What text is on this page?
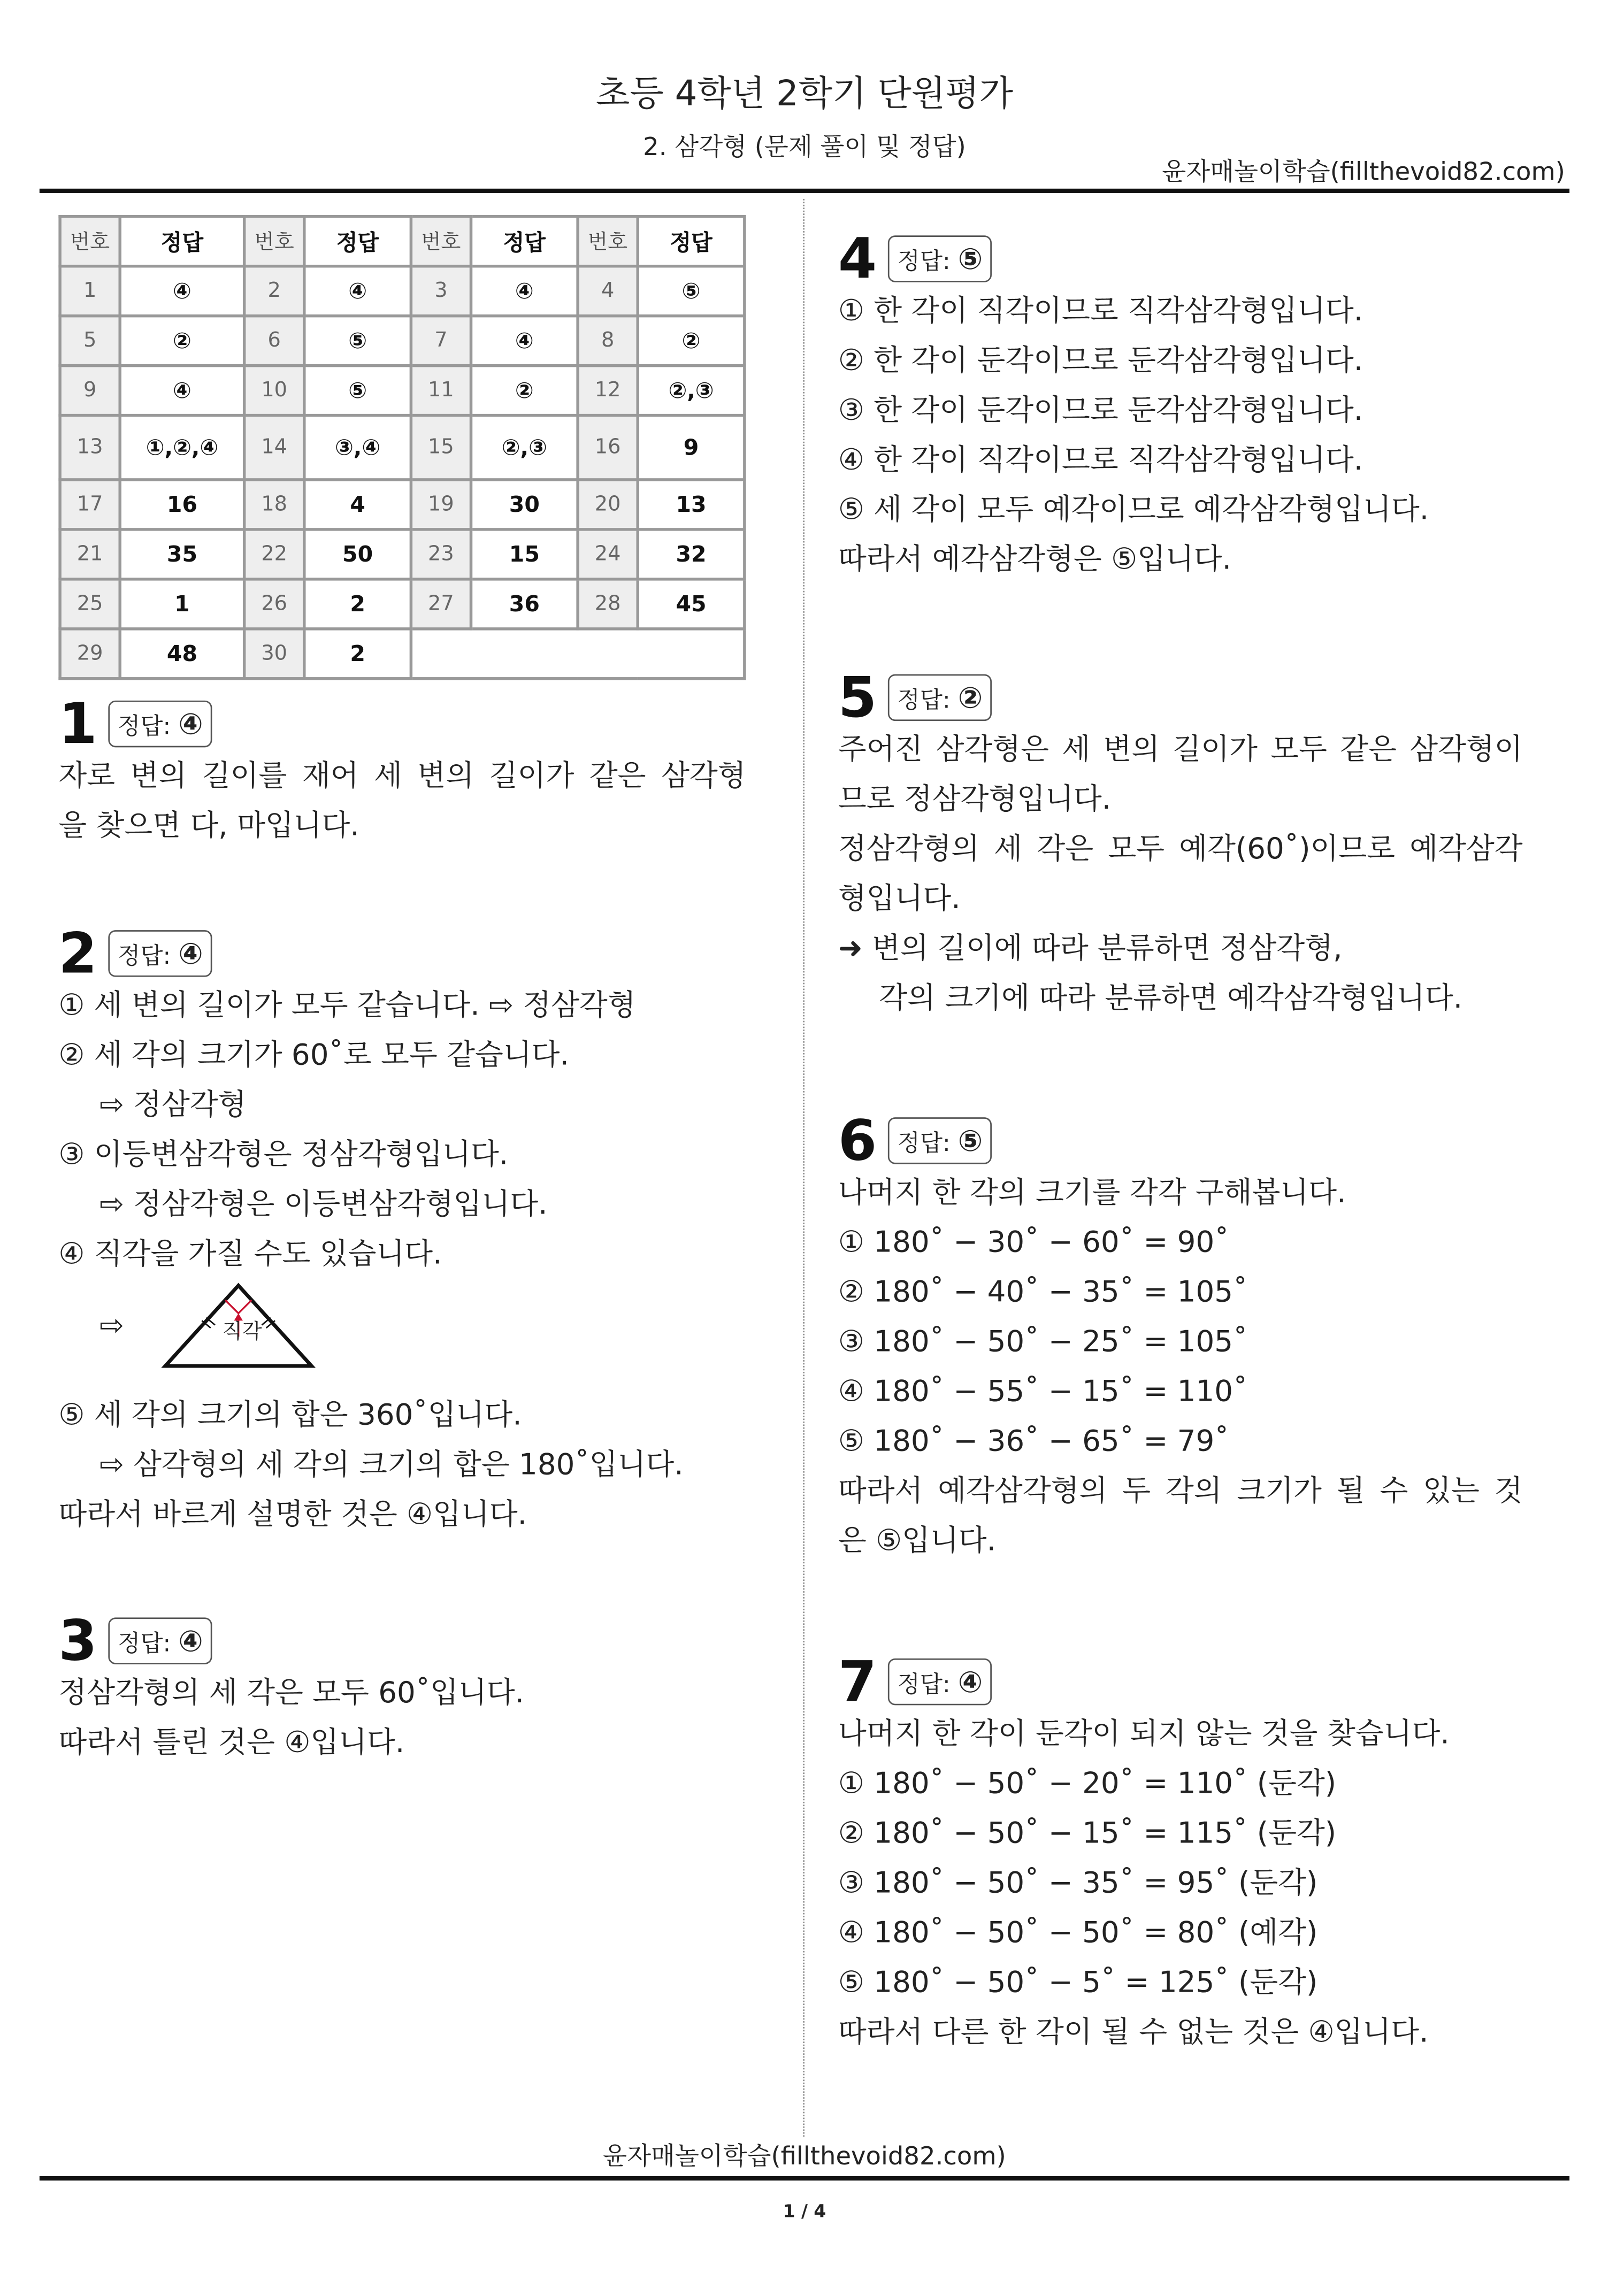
초등 4학년 2학기 단원평가
2. 삼각형 (문제 풀이 및 정답)
윤자매놀이학습(fillthevoid82.com)
번호	정답	번호	정답	번호	정답	번호	정답
1	④	2	④	3	④	4	⑤
5	②	6	⑤	7	④	8	②
9	④	10	⑤	11	②	12	②,③
13	①,②,④	14	③,④	15	②,③	16	9
17	16	18	4	19	30	20	13
21	35	22	50	23	15	24	32
25	1	26	2	27	36	28	45
29	48	30	2				
1	정답: ④
자로 변의 길이를 재어 세 변의 길이가 같은 삼각형
을 찾으면 다, 마입니다.
2	정답: ④
① 세 변의 길이가 모두 같습니다. ⇨ 정삼각형
② 세 각의 크기가 60˚로 모두 같습니다.
⇨ 정삼각형
③ 이등변삼각형은 정삼각형입니다.
⇨ 정삼각형은 이등변삼각형입니다.
④ 직각을 가질 수도 있습니다.
⇨	직각
⑤ 세 각의 크기의 합은 360˚입니다.
⇨ 삼각형의 세 각의 크기의 합은 180˚입니다.
따라서 바르게 설명한 것은 ④입니다.
3	정답: ④
정삼각형의 세 각은 모두 60˚입니다.
따라서 틀린 것은 ④입니다.
4	정답: ⑤
① 한 각이 직각이므로 직각삼각형입니다.
② 한 각이 둔각이므로 둔각삼각형입니다.
③ 한 각이 둔각이므로 둔각삼각형입니다.
④ 한 각이 직각이므로 직각삼각형입니다.
⑤ 세 각이 모두 예각이므로 예각삼각형입니다.
따라서 예각삼각형은 ⑤입니다.
5	정답: ②
주어진 삼각형은 세 변의 길이가 모두 같은 삼각형이
므로 정삼각형입니다.
정삼각형의 세 각은 모두 예각(60˚)이므로 예각삼각
형입니다.
➜ 변의 길이에 따라 분류하면 정삼각형,
각의 크기에 따라 분류하면 예각삼각형입니다.
6	정답: ⑤
나머지 한 각의 크기를 각각 구해봅니다.
① 180˚ − 30˚ − 60˚ = 90˚
② 180˚ − 40˚ − 35˚ = 105˚
③ 180˚ − 50˚ − 25˚ = 105˚
④ 180˚ − 55˚ − 15˚ = 110˚
⑤ 180˚ − 36˚ − 65˚ = 79˚
따라서 예각삼각형의 두 각의 크기가 될 수 있는 것
은 ⑤입니다.
7	정답: ④
나머지 한 각이 둔각이 되지 않는 것을 찾습니다.
① 180˚ − 50˚ − 20˚ = 110˚ (둔각)
② 180˚ − 50˚ − 15˚ = 115˚ (둔각)
③ 180˚ − 50˚ − 35˚ = 95˚ (둔각)
④ 180˚ − 50˚ − 50˚ = 80˚ (예각)
⑤ 180˚ − 50˚ − 5˚ = 125˚ (둔각)
따라서 다른 한 각이 될 수 없는 것은 ④입니다.
윤자매놀이학습(fillthevoid82.com)
1 / 4
